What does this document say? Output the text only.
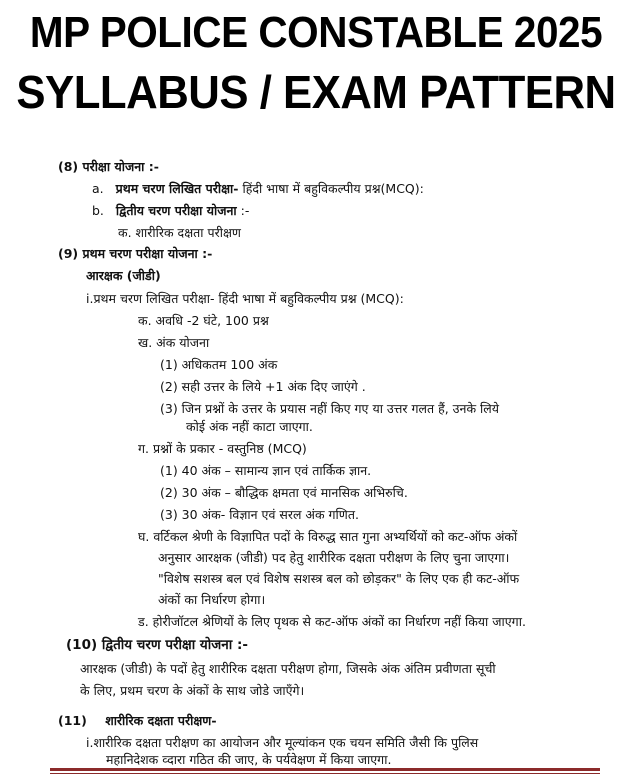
MP POLICE CONSTABLE 2025
SYLLABUS / EXAM PATTERN
(8) परीक्षा योजना :-
a. प्रथम चरण लिखित परीक्षा- हिंदी भाषा में बहुविकल्पीय प्रश्न(MCQ):
b. द्वितीय चरण परीक्षा योजना :-
क. शारीरिक दक्षता परीक्षण
(9) प्रथम चरण परीक्षा योजना :-
आरक्षक (जीडी)
i.प्रथम चरण लिखित परीक्षा- हिंदी भाषा में बहुविकल्पीय प्रश्न (MCQ):
क. अवधि -2 घंटे, 100 प्रश्न
ख. अंक योजना
(1) अधिकतम 100 अंक
(2) सही उत्तर के लिये +1 अंक दिए जाएंगे .
(3) जिन प्रश्नों के उत्तर के प्रयास नहीं किए गए या उत्तर गलत हैं, उनके लिये
कोई अंक नहीं काटा जाएगा.
ग. प्रश्नों के प्रकार - वस्तुनिष्ठ (MCQ)
(1) 40 अंक – सामान्य ज्ञान एवं तार्किक ज्ञान.
(2) 30 अंक – बौद्धिक क्षमता एवं मानसिक अभिरुचि.
(3) 30 अंक- विज्ञान एवं सरल अंक गणित.
घ. वर्टिकल श्रेणी के विज्ञापित पदों के विरुद्ध सात गुना अभ्यर्थियों को कट-ऑफ अंकों
अनुसार आरक्षक (जीडी) पद हेतु शारीरिक दक्षता परीक्षण के लिए चुना जाएगा।
"विशेष सशस्त्र बल एवं विशेष सशस्त्र बल को छोड़कर" के लिए एक ही कट-ऑफ
अंकों का निर्धारण होगा।
ड. होरीजॉटल श्रेणियों के लिए पृथक से कट-ऑफ अंकों का निर्धारण नहीं किया जाएगा.
(10) द्वितीय चरण परीक्षा योजना :-
आरक्षक (जीडी) के पदों हेतु शारीरिक दक्षता परीक्षण होगा, जिसके अंक अंतिम प्रवीणता सूची
के लिए, प्रथम चरण के अंकों के साथ जोडे जाएँगे।
(11) शारीरिक दक्षता परीक्षण-
i.शारीरिक दक्षता परीक्षण का आयोजन और मूल्यांकन एक चयन समिति जैसी कि पुलिस
महानिदेशक व्दारा गठित की जाए, के पर्यवेक्षण में किया जाएगा.
